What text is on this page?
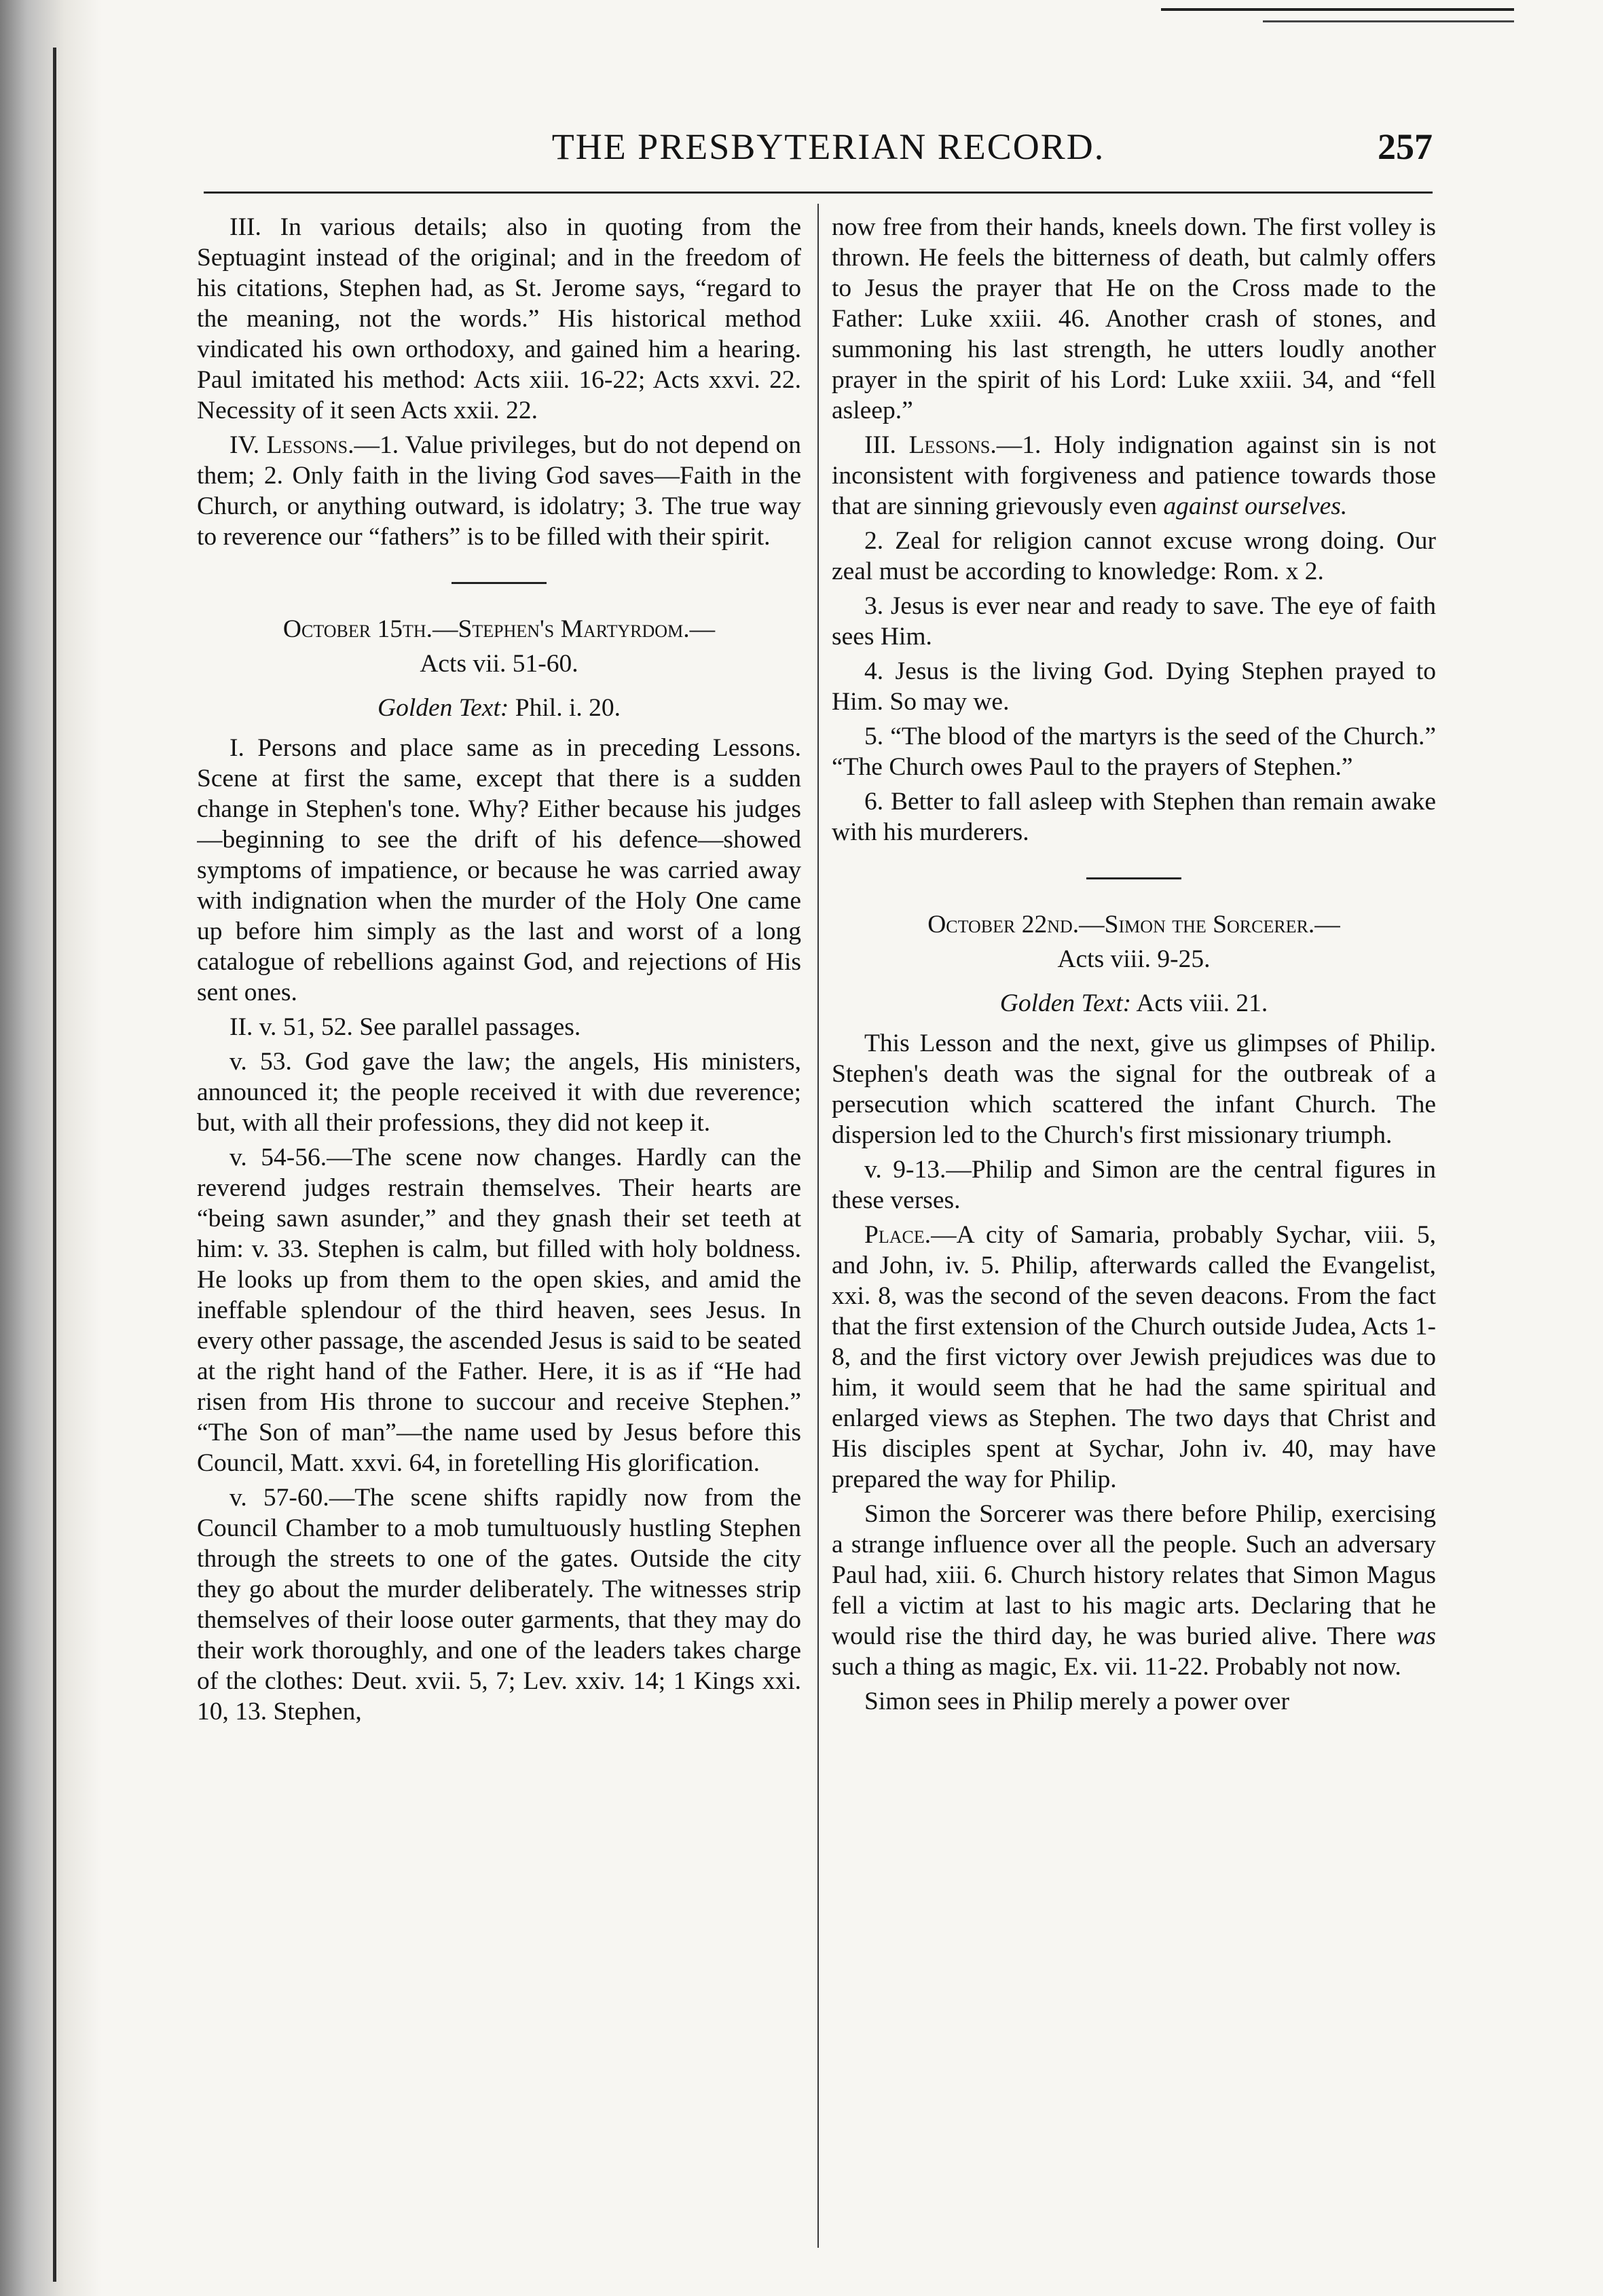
THE PRESBYTERIAN RECORD.	257

III. In various details; also in quoting from the Septuagint instead of the original; and in the freedom of his citations, Stephen had, as St. Jerome says, “regard to the meaning, not the words.” His historical method vindicated his own orthodoxy, and gained him a hearing. Paul imitated his method: Acts xiii. 16-22; Acts xxvi. 22. Necessity of it seen Acts xxii. 22.

IV. Lessons.—1. Value privileges, but do not depend on them; 2. Only faith in the living God saves—Faith in the Church, or anything outward, is idolatry; 3. The true way to reverence our “fathers” is to be filled with their spirit.

October 15th.—Stephen's Martyrdom.—

Acts vii. 51-60.

Golden Text: Phil. i. 20.

I. Persons and place same as in preceding Lessons. Scene at first the same, except that there is a sudden change in Stephen's tone. Why? Either because his judges—beginning to see the drift of his defence—showed symptoms of impatience, or because he was carried away with indignation when the murder of the Holy One came up before him simply as the last and worst of a long catalogue of rebellions against God, and rejections of His sent ones.

II. v. 51, 52. See parallel passages.

v. 53. God gave the law; the angels, His ministers, announced it; the people received it with due reverence; but, with all their professions, they did not keep it.

v. 54-56.—The scene now changes. Hardly can the reverend judges restrain themselves. Their hearts are “being sawn asunder,” and they gnash their set teeth at him: v. 33. Stephen is calm, but filled with holy boldness. He looks up from them to the open skies, and amid the ineffable splendour of the third heaven, sees Jesus. In every other passage, the ascended Jesus is said to be seated at the right hand of the Father. Here, it is as if “He had risen from His throne to succour and receive Stephen.” “The Son of man”—the name used by Jesus before this Council, Matt. xxvi. 64, in foretelling His glorification.

v. 57-60.—The scene shifts rapidly now from the Council Chamber to a mob tumultuously hustling Stephen through the streets to one of the gates. Outside the city they go about the murder deliberately. The witnesses strip themselves of their loose outer garments, that they may do their work thoroughly, and one of the leaders takes charge of the clothes: Deut. xvii. 5, 7; Lev. xxiv. 14; 1 Kings xxi. 10, 13. Stephen,

now free from their hands, kneels down. The first volley is thrown. He feels the bitterness of death, but calmly offers to Jesus the prayer that He on the Cross made to the Father: Luke xxiii. 46. Another crash of stones, and summoning his last strength, he utters loudly another prayer in the spirit of his Lord: Luke xxiii. 34, and “fell asleep.”

III. Lessons.—1. Holy indignation against sin is not inconsistent with forgiveness and patience towards those that are sinning grievously even against ourselves.

2. Zeal for religion cannot excuse wrong doing. Our zeal must be according to knowledge: Rom. x 2.

3. Jesus is ever near and ready to save. The eye of faith sees Him.

4. Jesus is the living God. Dying Stephen prayed to Him. So may we.

5. “The blood of the martyrs is the seed of the Church.” “The Church owes Paul to the prayers of Stephen.”

6. Better to fall asleep with Stephen than remain awake with his murderers.

October 22nd.—Simon the Sorcerer.—

Acts viii. 9-25.

Golden Text: Acts viii. 21.

This Lesson and the next, give us glimpses of Philip. Stephen's death was the signal for the outbreak of a persecution which scattered the infant Church. The dispersion led to the Church's first missionary triumph.

v. 9-13.—Philip and Simon are the central figures in these verses.

Place.—A city of Samaria, probably Sychar, viii. 5, and John, iv. 5. Philip, afterwards called the Evangelist, xxi. 8, was the second of the seven deacons. From the fact that the first extension of the Church outside Judea, Acts 1-8, and the first victory over Jewish prejudices was due to him, it would seem that he had the same spiritual and enlarged views as Stephen. The two days that Christ and His disciples spent at Sychar, John iv. 40, may have prepared the way for Philip.

Simon the Sorcerer was there before Philip, exercising a strange influence over all the people. Such an adversary Paul had, xiii. 6. Church history relates that Simon Magus fell a victim at last to his magic arts. Declaring that he would rise the third day, he was buried alive. There was such a thing as magic, Ex. vii. 11-22. Probably not now.

Simon sees in Philip merely a power over
